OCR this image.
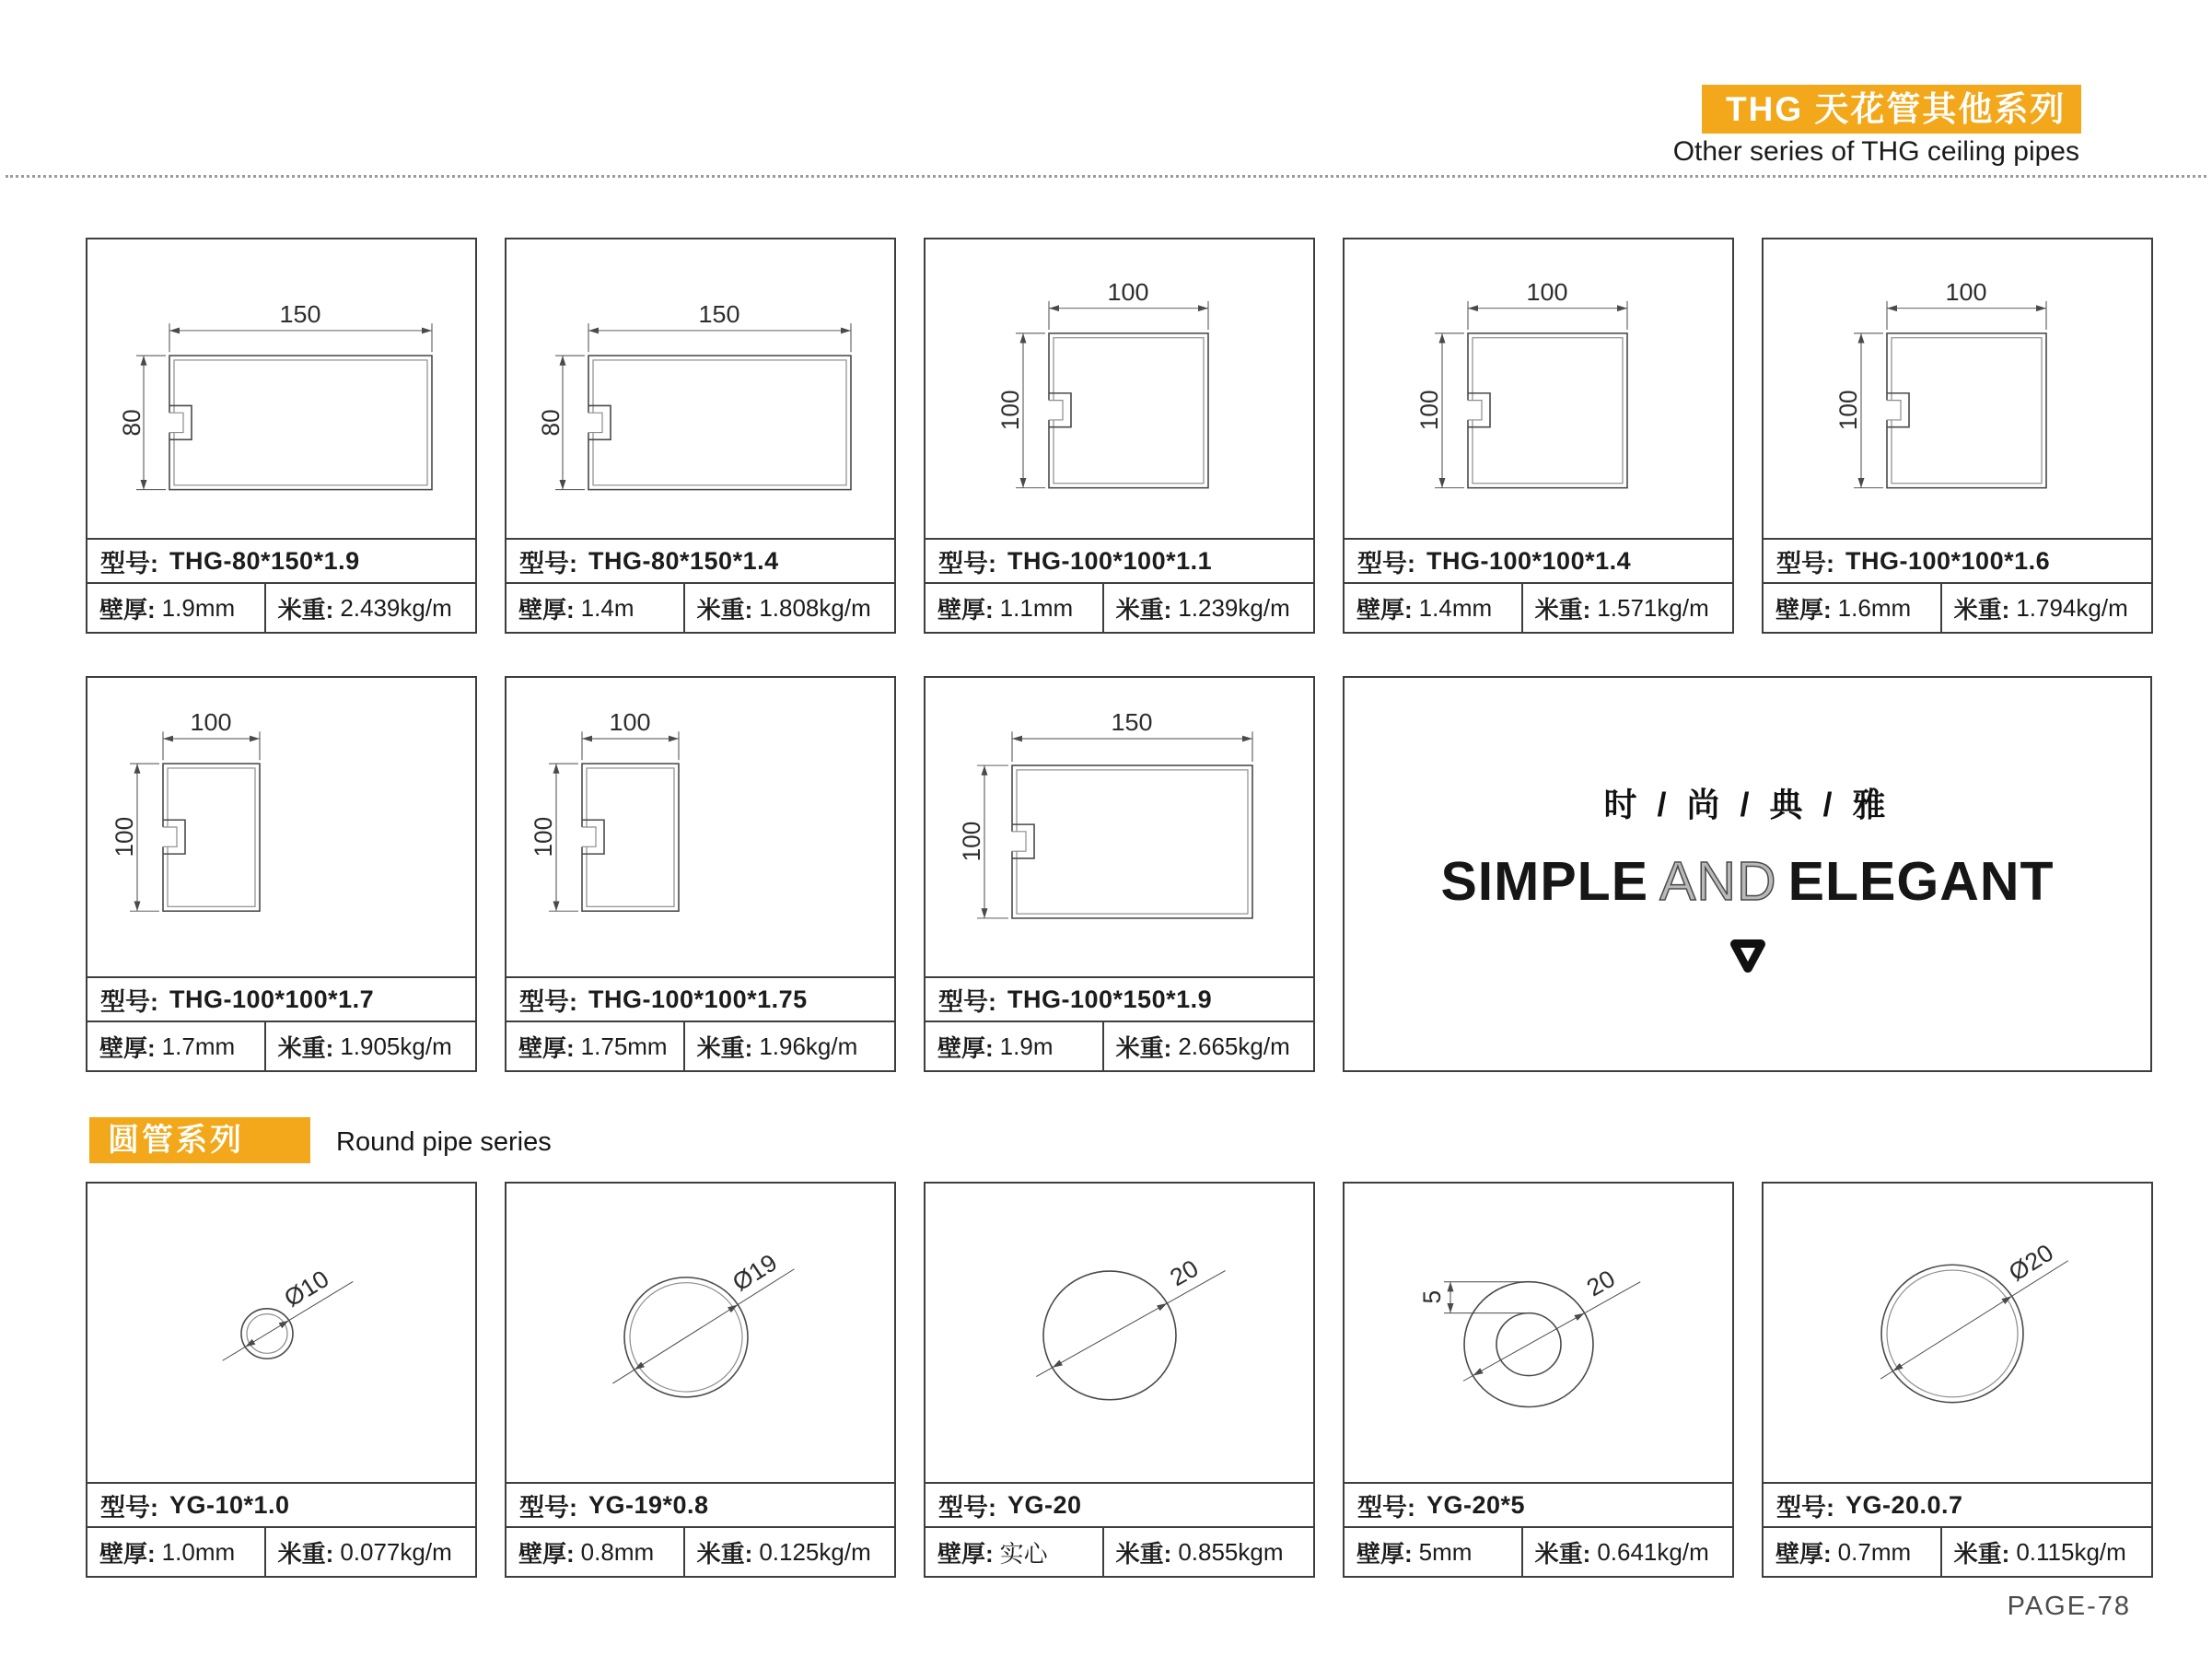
THG 天花管其他系列
Other series of THG ceiling pipes
150
80
型号: THG-80*150*1.9
壁厚: 1.9mm 米重: 2.439kg/m
150
80
型号: THG-80*150*1.4
壁厚: 1.4m	米重: 1.808kg/m
100
100
型号: THG-100*100*1.1
壁厚: 1.1mm 米重: 1.239kg/m
100
100
型号: THG-100*100*1.4
壁厚: 1.4mm 米重: 1.571kg/m
100
100
型号: THG-100*100*1.6
壁厚: 1.6mm 米重: 1.794kg/m
100
100
型号: THG-100*100*1.7
壁厚: 1.7mm 米重: 1.905kg/m
100
100
型号: THG-100*100*1.75
壁厚: 1.75mm 米重: 1.96kg/m
150
100
型号: THG-100*150*1.9
壁厚: 1.9m	米重: 2.665kg/m
时 / 尚 / 典 / 雅
SIMPLE AND ELEGANT
圆管系列	Round pipe series
Ø10
型号: YG-10*1.0
壁厚: 1.0mm 米重: 0.077kg/m
Ø19
型号: YG-19*0.8
壁厚: 0.8mm 米重: 0.125kg/m
20
型号: YG-20
壁厚: 实心	米重: 0.855kgm
20
5
型号: YG-20*5
壁厚: 5mm	米重: 0.641kg/m
Ø20
型号: YG-20.0.7
壁厚: 0.7mm 米重: 0.115kg/m
PAGE-78
